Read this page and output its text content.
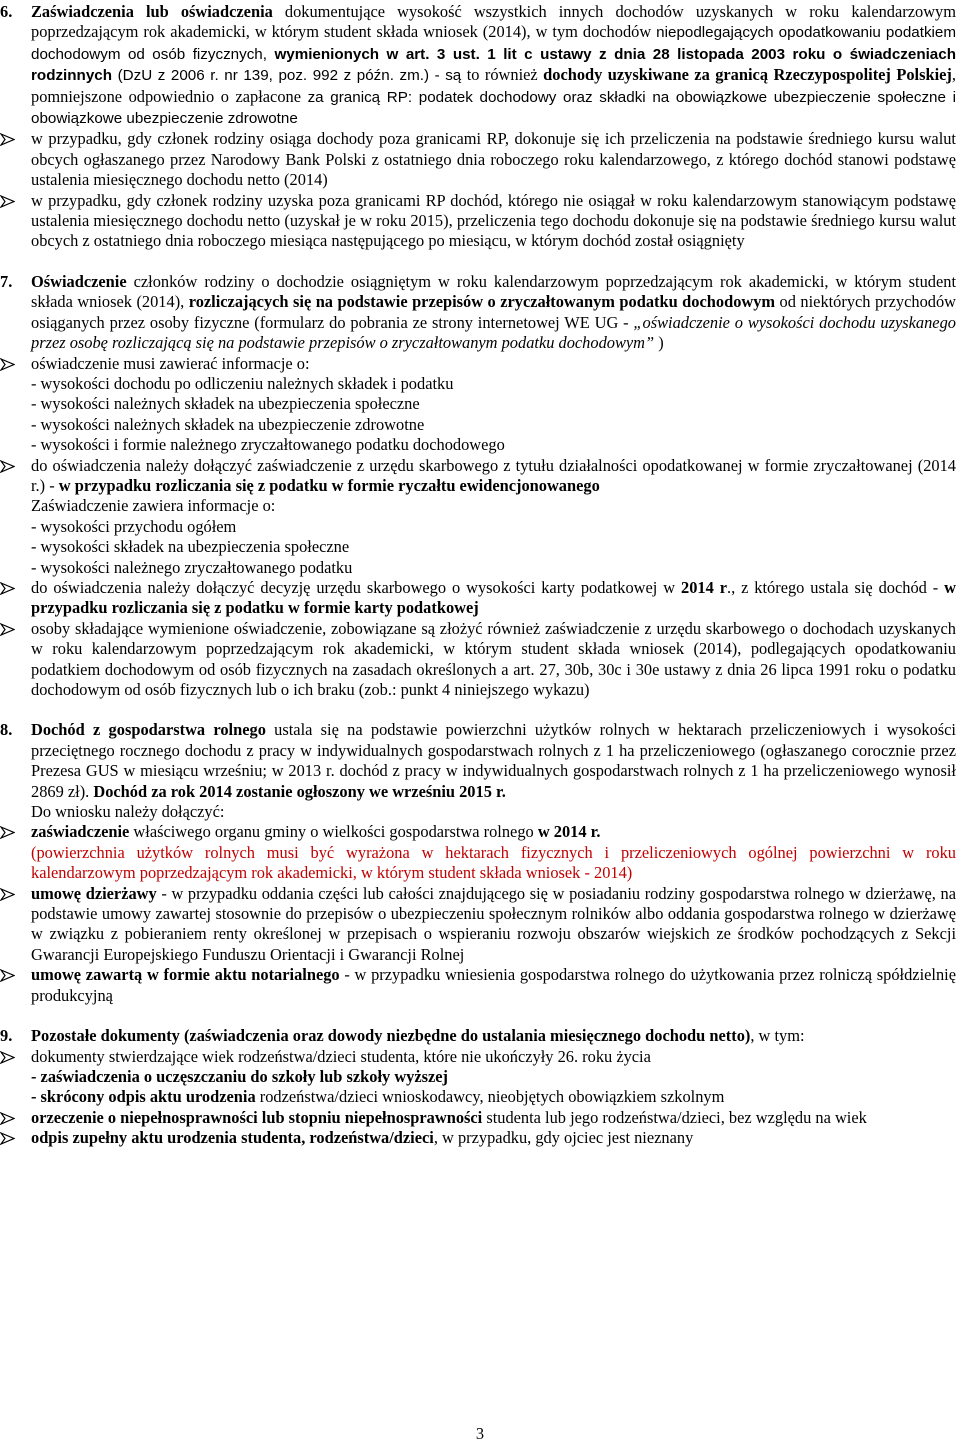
6. Zaświadczenia lub oświadczenia dokumentujące wysokość wszystkich innych dochodów uzyskanych w roku kalendarzowym poprzedzającym rok akademicki, w którym student składa wniosek (2014), w tym dochodów niepodlegających opodatkowaniu podatkiem dochodowym od osób fizycznych, wymienionych w art. 3 ust. 1 lit c ustawy z dnia 28 listopada 2003 roku o świadczeniach rodzinnych (DzU z 2006 r. nr 139, poz. 992 z późn. zm.) - są to również dochody uzyskiwane za granicą Rzeczypospolitej Polskiej, pomniejszone odpowiednio o zapłacone za granicą RP: podatek dochodowy oraz składki na obowiązkowe ubezpieczenie społeczne i obowiązkowe ubezpieczenie zdrowotne
w przypadku, gdy członek rodziny osiąga dochody poza granicami RP, dokonuje się ich przeliczenia na podstawie średniego kursu walut obcych ogłaszanego przez Narodowy Bank Polski z ostatniego dnia roboczego roku kalendarzowego, z którego dochód stanowi podstawę ustalenia miesięcznego dochodu netto (2014)
w przypadku, gdy członek rodziny uzyska poza granicami RP dochód, którego nie osiągał w roku kalendarzowym stanowiącym podstawę ustalenia miesięcznego dochodu netto (uzyskał je w roku 2015), przeliczenia tego dochodu dokonuje się na podstawie średniego kursu walut obcych z ostatniego dnia roboczego miesiąca następującego po miesiącu, w którym dochód został osiągnięty
7. Oświadczenie członków rodziny o dochodzie osiągniętym w roku kalendarzowym poprzedzającym rok akademicki, w którym student składa wniosek (2014), rozliczających się na podstawie przepisów o zryczałtowanym podatku dochodowym od niektórych przychodów osiąganych przez osoby fizyczne (formularz do pobrania ze strony internetowej WE UG - „oświadczenie o wysokości dochodu uzyskanego przez osobę rozliczającą się na podstawie przepisów o zryczałtowanym podatku dochodowym” )
oświadczenie musi zawierać informacje o:
- wysokości dochodu po odliczeniu należnych składek i podatku
- wysokości należnych składek na ubezpieczenia społeczne
- wysokości należnych składek na ubezpieczenie zdrowotne
- wysokości i formie należnego zryczałtowanego podatku dochodowego
do oświadczenia należy dołączyć zaświadczenie z urzędu skarbowego z tytułu działalności opodatkowanej w formie zryczałtowanej (2014 r.) - w przypadku rozliczania się z podatku w formie ryczałtu ewidencjonowanego
Zaświadczenie zawiera informacje o:
- wysokości przychodu ogółem
- wysokości składek na ubezpieczenia społeczne
- wysokości należnego zryczałtowanego podatku
do oświadczenia należy dołączyć decyzję urzędu skarbowego o wysokości karty podatkowej w 2014 r., z którego ustala się dochód - w przypadku rozliczania się z podatku w formie karty podatkowej
osoby składające wymienione oświadczenie, zobowiązane są złożyć również zaświadczenie z urzędu skarbowego o dochodach uzyskanych w roku kalendarzowym poprzedzającym rok akademicki, w którym student składa wniosek (2014), podlegających opodatkowaniu podatkiem dochodowym od osób fizycznych na zasadach określonych a art. 27, 30b, 30c i 30e ustawy z dnia 26 lipca 1991 roku o podatku dochodowym od osób fizycznych lub o ich braku (zob.: punkt 4 niniejszego wykazu)
8. Dochód z gospodarstwa rolnego ustala się na podstawie powierzchni użytków rolnych w hektarach przeliczeniowych i wysokości przeciętnego rocznego dochodu z pracy w indywidualnych gospodarstwach rolnych z 1 ha przeliczeniowego (ogłaszanego corocznie przez Prezesa GUS w miesiącu wrześniu; w 2013 r. dochód z pracy w indywidualnych gospodarstwach rolnych z 1 ha przeliczeniowego wynosił 2869 zł). Dochód za rok 2014 zostanie ogłoszony we wrześniu 2015 r.
Do wniosku należy dołączyć:
zaświadczenie właściwego organu gminy o wielkości gospodarstwa rolnego w 2014 r.
(powierzchnia użytków rolnych musi być wyrażona w hektarach fizycznych i przeliczeniowych ogólnej powierzchni w roku kalendarzowym poprzedzającym rok akademicki, w którym student składa wniosek - 2014)
umowę dzierżawy - w przypadku oddania części lub całości znajdującego się w posiadaniu rodziny gospodarstwa rolnego w dzierżawę, na podstawie umowy zawartej stosownie do przepisów o ubezpieczeniu społecznym rolników albo oddania gospodarstwa rolnego w dzierżawę w związku z pobieraniem renty określonej w przepisach o wspieraniu rozwoju obszarów wiejskich ze środków pochodzących z Sekcji Gwarancji Europejskiego Funduszu Orientacji i Gwarancji Rolnej
umowę zawartą w formie aktu notarialnego - w przypadku wniesienia gospodarstwa rolnego do użytkowania przez rolniczą spółdzielnię produkcyjną
9. Pozostałe dokumenty (zaświadczenia oraz dowody niezbędne do ustalania miesięcznego dochodu netto), w tym:
dokumenty stwierdzające wiek rodzeństwa/dzieci studenta, które nie ukończyły 26. roku życia
- zaświadczenia o uczęszczaniu do szkoły lub szkoły wyższej
- skrócony odpis aktu urodzenia rodzeństwa/dzieci wnioskodawcy, nieobjętych obowiązkiem szkolnym
orzeczenie o niepełnosprawności lub stopniu niepełnosprawności studenta lub jego rodzeństwa/dzieci, bez względu na wiek
odpis zupełny aktu urodzenia studenta, rodzeństwa/dzieci, w przypadku, gdy ojciec jest nieznany
3
